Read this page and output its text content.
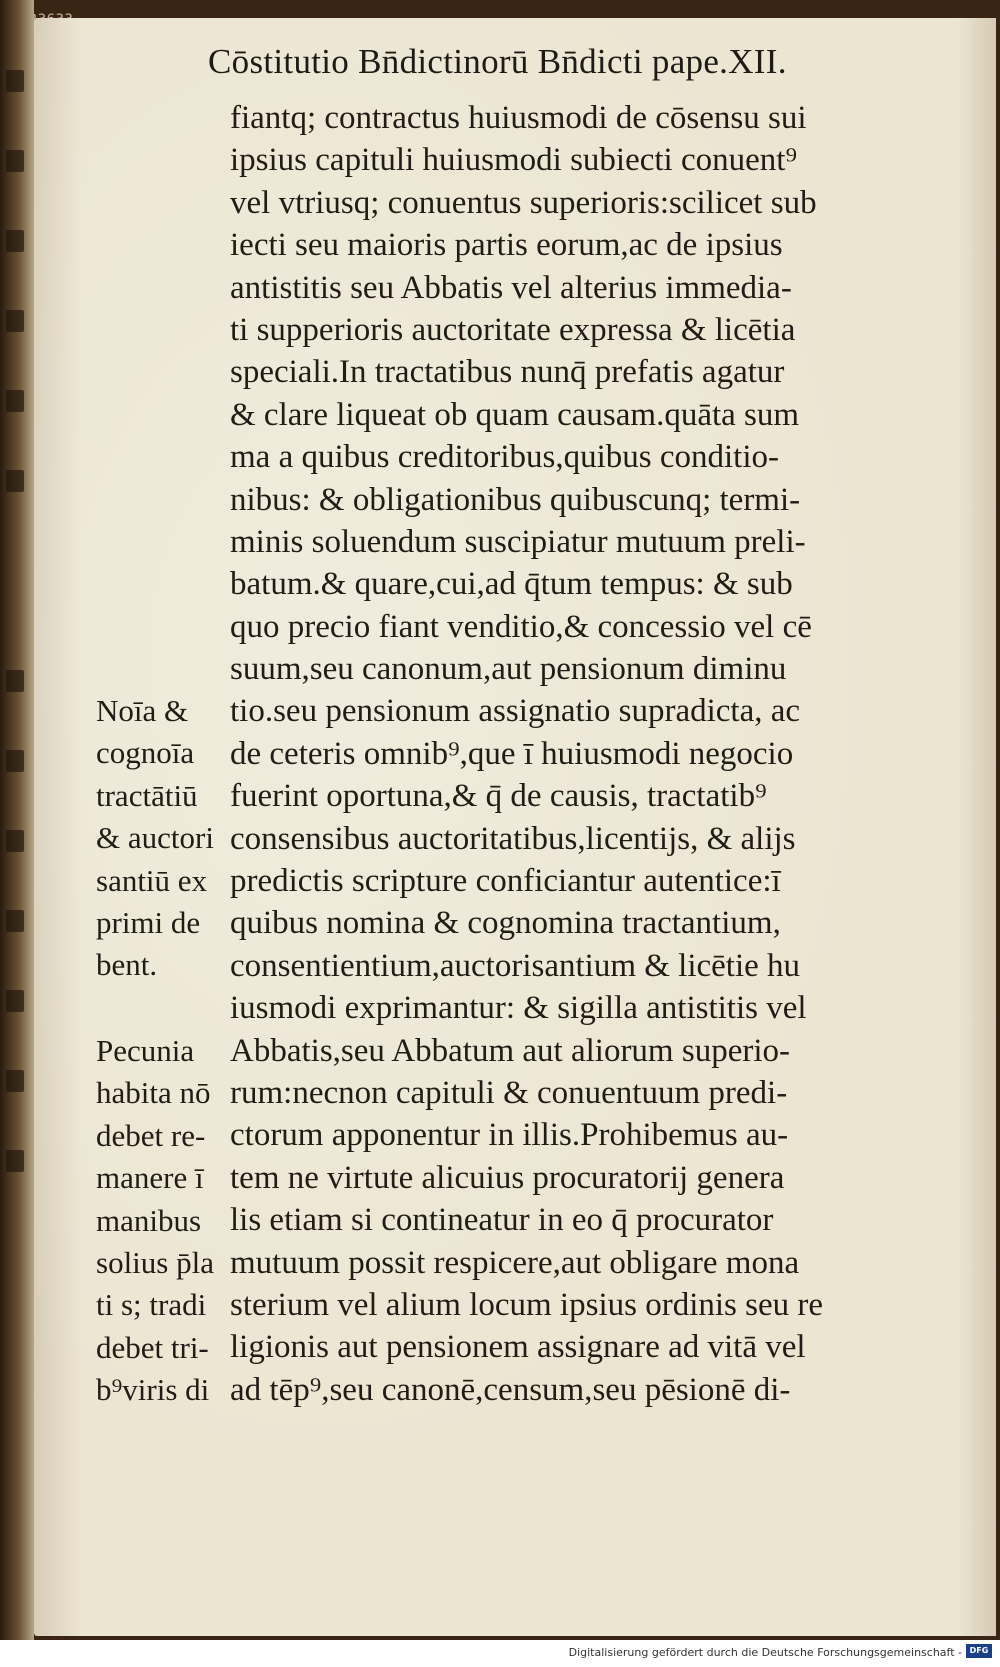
Cōstitutio Bn̄dictinorū Bn̄dicti pape.XII.
fiantq; contractus huiusmodi de cōsensu sui
ipsius capituli huiusmodi subiecti conuent⁹
vel vtriusq; conuentus superioris:scilicet sub
iecti seu maioris partis eorum,ac de ipsius
antistitis seu Abbatis vel alterius immedia-
ti supperioris auctoritate expressa & licētia
speciali.In tractatibus nunq̄ prefatis agatur
& clare liqueat ob quam causam.quāta sum
ma a quibus creditoribus,quibus conditio-
nibus: & obligationibus quibuscunq; termi-
minis soluendum suscipiatur mutuum preli-
batum.& quare,cui,ad q̄tum tempus: & sub
quo precio fiant venditio,& concessio vel cē
suum,seu canonum,aut pensionum diminu
tio.seu pensionum assignatio supradicta, ac
de ceteris omnib⁹,que ī huiusmodi negocio
fuerint oportuna,& q̄ de causis, tractatib⁹
consensibus auctoritatibus,licentijs, & alijs
predictis scripture conficiantur autentice:ī
quibus nomina & cognomina tractantium,
consentientium,auctorisantium & licētie hu
iusmodi exprimantur: & sigilla antistitis vel
Abbatis,seu Abbatum aut aliorum superio-
rum:necnon capituli & conuentuum predi-
ctorum apponentur in illis.Prohibemus au-
tem ne virtute alicuius procuratorij genera
lis etiam si contineatur in eo q̄ procurator
mutuum possit respicere,aut obligare mona
sterium vel alium locum ipsius ordinis seu re
ligionis aut pensionem assignare ad vitā vel
ad tēp⁹,seu canonē,censum,seu pēsionē di-
Noīa &
cognoīa
tractātiū
& auctori
santiū ex
primi de
bent.
Pecunia
habita nō
debet re-
manere ī
manibus
solius p̄la
ti s; tradi
debet tri-
b⁹viris di
Digitalisierung gefördert durch die Deutsche Forschungsgemeinschaft - DFG
